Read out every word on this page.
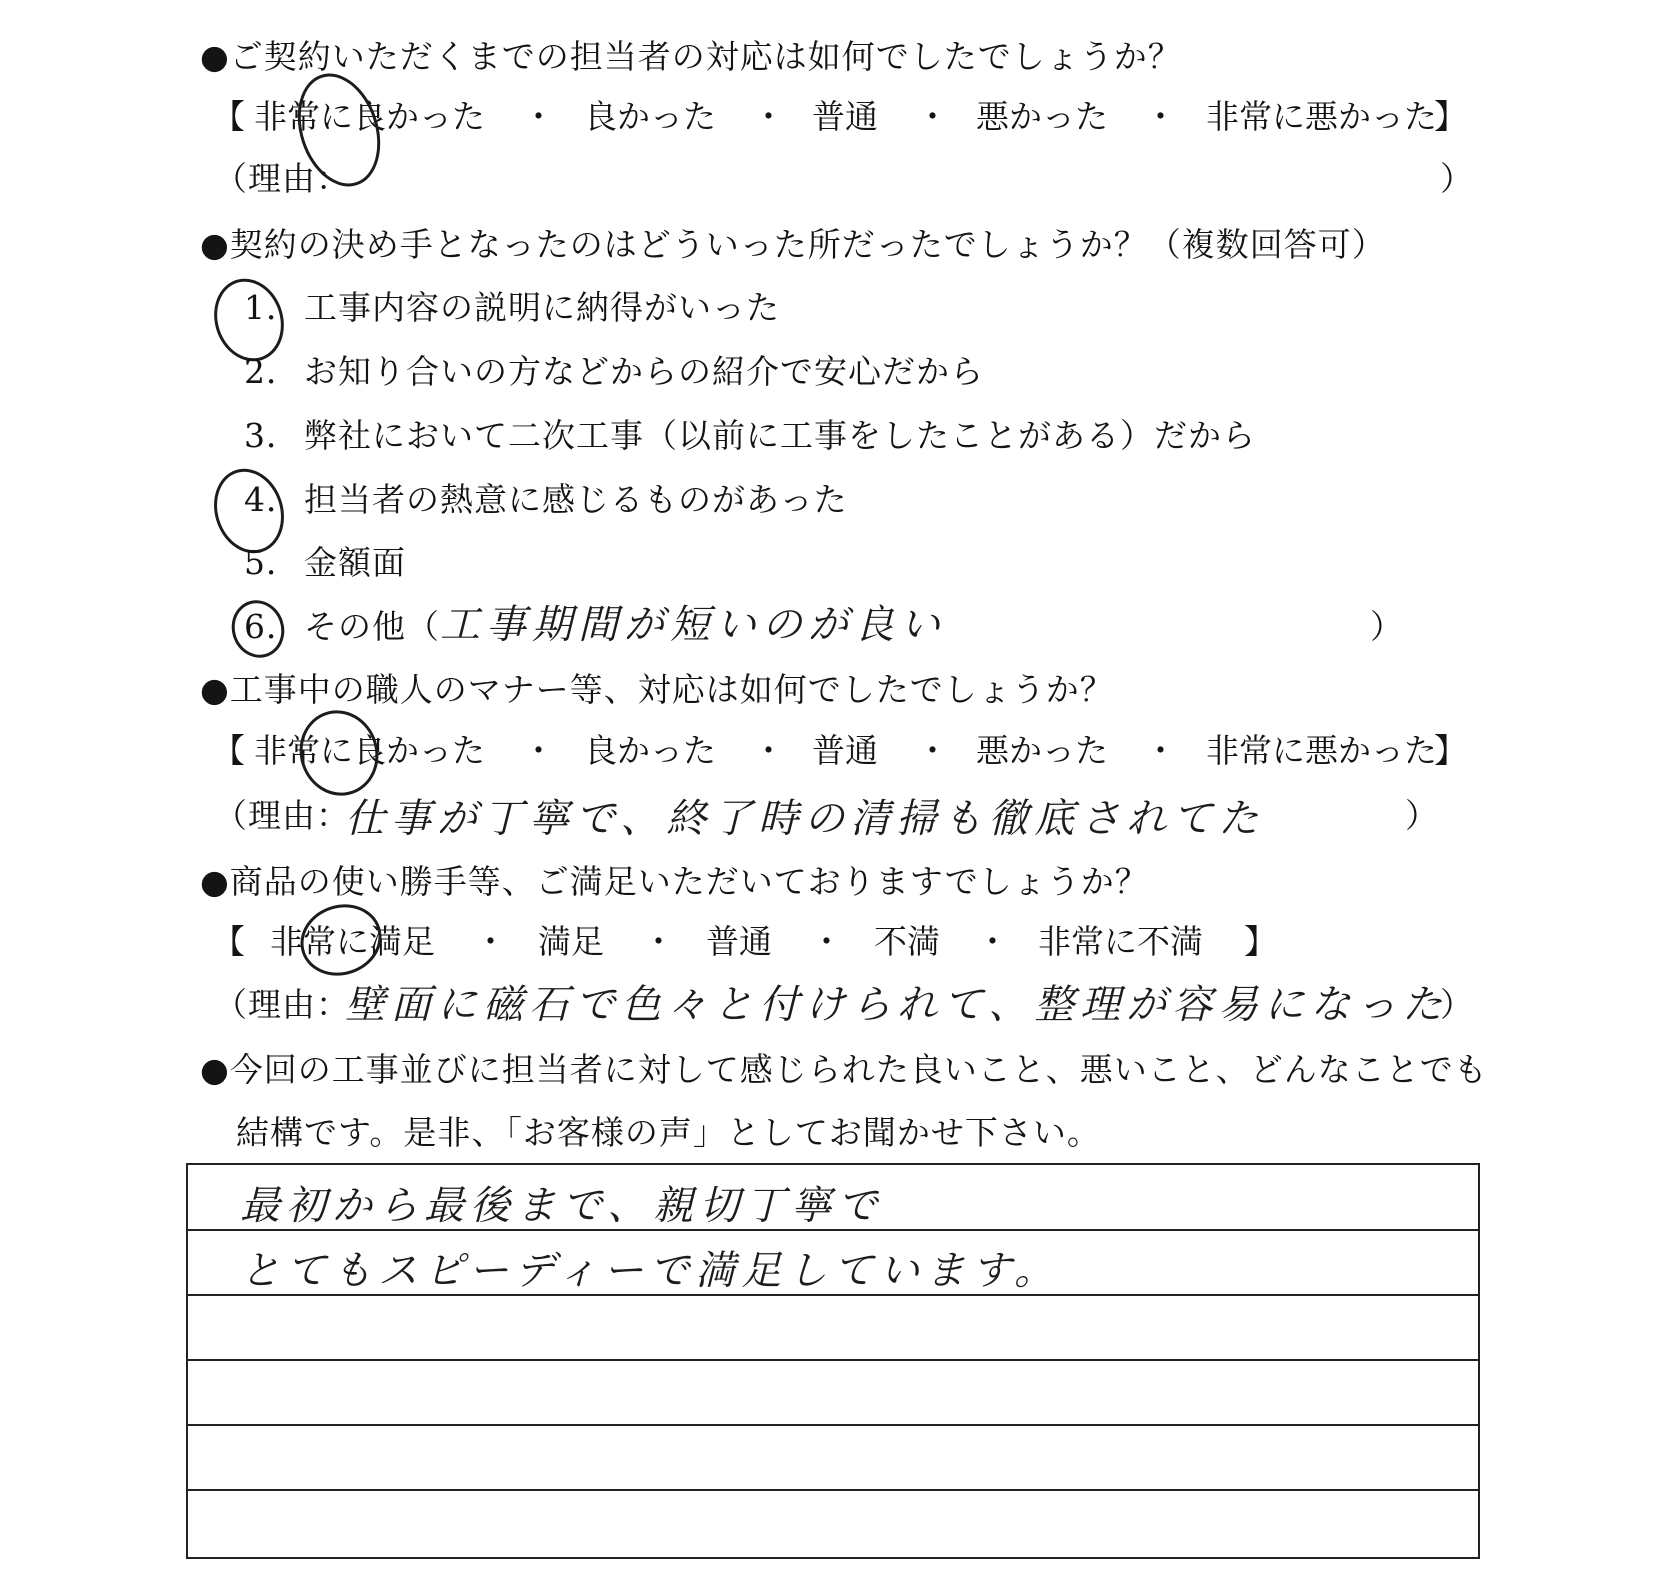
●ご契約いただくまでの担当者の対応は如何でしたでしょうか？
【 非常に良かった ・ 良かった ・ 普通 ・ 悪かった ・ 非常に悪かった
】
（理由：	）
●契約の決め手となったのはどういった所だったでしょうか？（複数回答可）
1． 工事内容の説明に納得がいった
2． お知り合いの方などからの紹介で安心だから
3． 弊社において二次工事（以前に工事をしたことがある）だから
4． 担当者の熱意に感じるものがあった
5． 金額面
6． その他（ 工事期間が短いのが良い	）
●工事中の職人のマナー等、対応は如何でしたでしょうか？
【 非常に良かった ・ 良かった ・ 普通 ・ 悪かった ・ 非常に悪かった
】
（理由：
仕事が丁寧で、終了時の清掃も徹底されてた	）
●商品の使い勝手等、ご満足いただいておりますでしょうか？
【 非常に満足 ・ 満足 ・ 普通 ・ 不満 ・ 非常に不満 】
（理由：
壁面に磁石で色々と付けられて、整理が容易になった
）
●今回の工事並びに担当者に対して感じられた良いこと、悪いこと、どんなことでも
結構です。是非、「お客様の声」としてお聞かせ下さい。
最初から最後まで、親切丁寧で
とてもスピーディーで満足しています。
